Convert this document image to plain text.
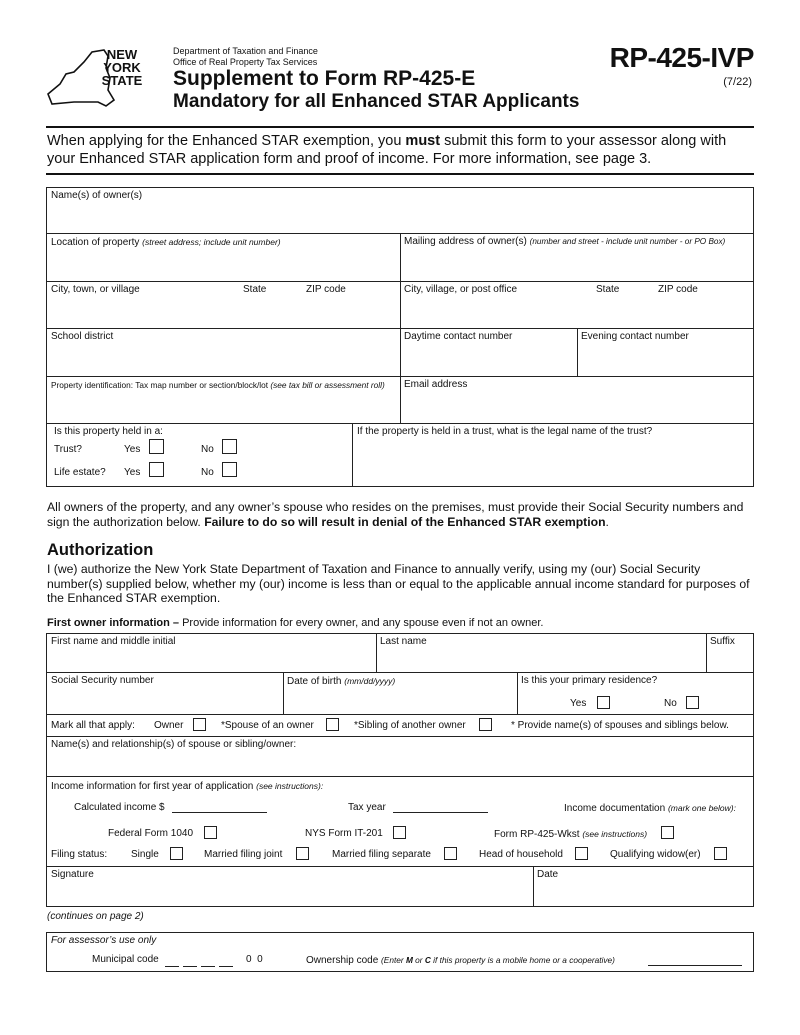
NEW
YORK
STATE
Department of Taxation and Finance
Office of Real Property Tax Services
Supplement to Form RP-425-E
Mandatory for all Enhanced STAR Applicants
RP-425-IVP
(7/22)
When applying for the Enhanced STAR exemption, you must submit this form to your assessor along with your Enhanced STAR application form and proof of income. For more information, see page 3.
Name(s) of owner(s)
Location of property (street address; include unit number)	Mailing address of owner(s) (number and street - include unit number - or PO Box)
City, town, or village	State	ZIP code	City, village, or post office	State	ZIP code
School district	Daytime contact number	Evening contact number
Property identification: Tax map number or section/block/lot (see tax bill or assessment roll)	Email address
Is this property held in a:
Trust?	Yes	No
Life estate? Yes	No
If the property is held in a trust, what is the legal name of the trust?
All owners of the property, and any owner’s spouse who resides on the premises, must provide their Social Security numbers and sign the authorization below. Failure to do so will result in denial of the Enhanced STAR exemption.
Authorization
I (we) authorize the New York State Department of Taxation and Finance to annually verify, using my (our) Social Security number(s) supplied below, whether my (our) income is less than or equal to the applicable annual income standard for purposes of the Enhanced STAR exemption.
First owner information – Provide information for every owner, and any spouse even if not an owner.
First name and middle initial	Last name	Suffix
Social Security number	Date of birth (mm/dd/yyyy)	Is this your primary residence?
Yes	No
Mark all that apply: Owner	*Spouse of an owner	*Sibling of another owner	* Provide name(s) of spouses and siblings below.
Name(s) and relationship(s) of spouse or sibling/owner:
Income information for first year of application (see instructions):
Calculated income $	Tax year	Income documentation (mark one below):
Federal Form 1040	NYS Form IT-201	Form RP-425-Wkst (see instructions)
Filing status: Single	Married filing joint	Married filing separate	Head of household	Qualifying widow(er)
Signature	Date
(continues on page 2)
For assessor’s use only
Municipal code	0  0	Ownership code (Enter M or C if this property is a mobile home or a cooperative)
